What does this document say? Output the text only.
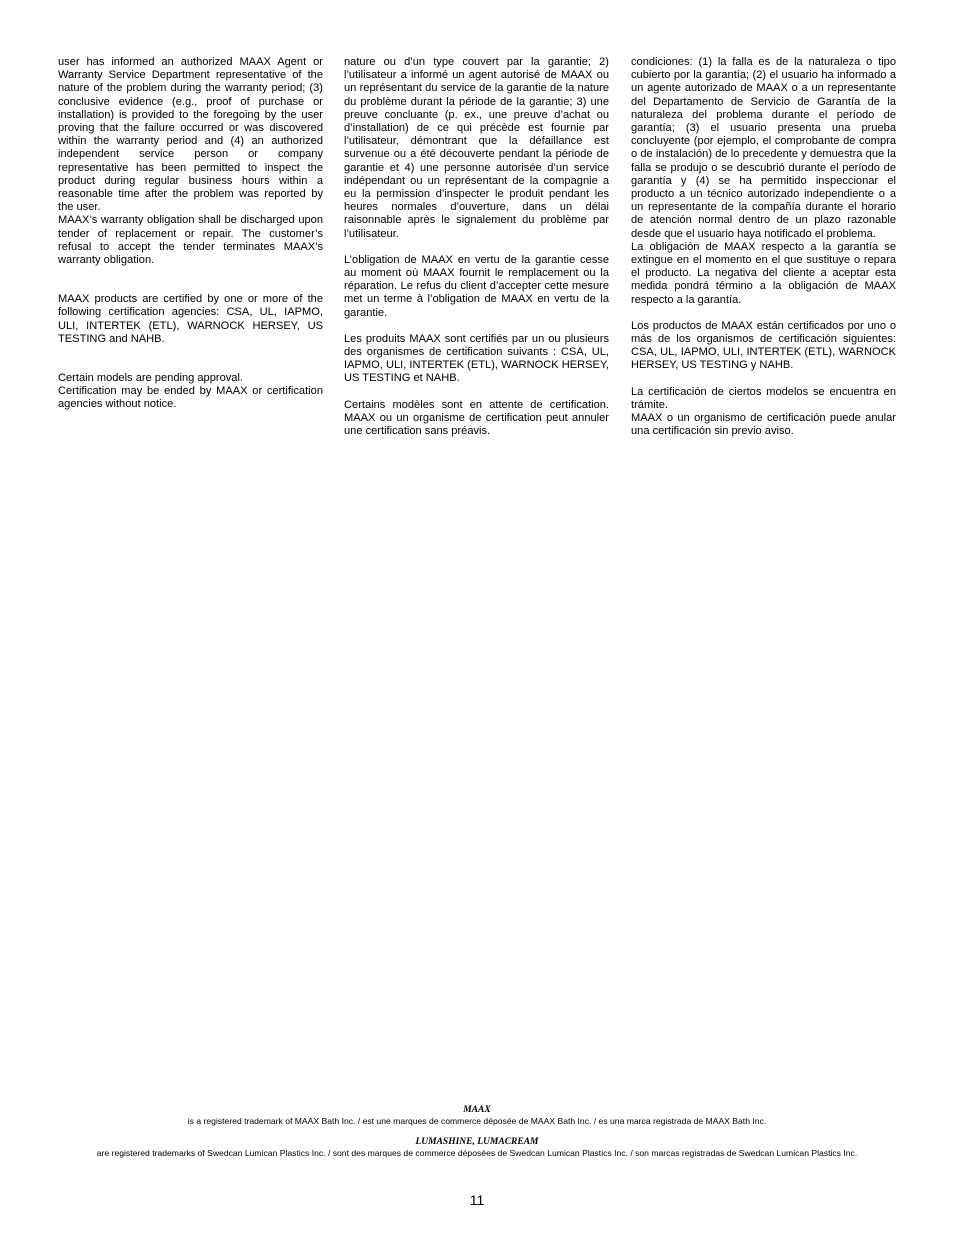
user has informed an authorized MAAX Agent or Warranty Service Department representative of the nature of the problem during the warranty period; (3) conclusive evidence (e.g., proof of purchase or installation) is provided to the foregoing by the user proving that the failure occurred or was discovered within the warranty period and (4) an authorized independent service person or company representative has been permitted to inspect the product during regular business hours within a reasonable time after the problem was reported by the user.

MAAX’s warranty obligation shall be discharged upon tender of replacement or repair. The customer’s refusal to accept the tender terminates MAAX’s warranty obligation.

MAAX products are certified by one or more of the following certification agencies: CSA, UL, IAPMO, ULI, INTERTEK (ETL), WARNOCK HERSEY, US TESTING and NAHB.

Certain models are pending approval.

Certification may be ended by MAAX or certification agencies without notice.

nature ou d’un type couvert par la garantie; 2) l’utilisateur a informé un agent autorisé de MAAX ou un représentant du service de la garantie de la nature du problème durant la période de la garantie; 3) une preuve concluante (p. ex., une preuve d’achat ou d’installation) de ce qui précède est fournie par l’utilisateur, démontrant que la défaillance est survenue ou a été découverte pendant la période de garantie et 4) une personne autorisée d’un service indépendant ou un représentant de la compagnie a eu la permission d’inspecter le produit pendant les heures normales d’ouverture, dans un délai raisonnable après le signalement du problème par l’utilisateur.

L’obligation de MAAX en vertu de la garantie cesse au moment où MAAX fournit le remplacement ou la réparation. Le refus du client d’accepter cette mesure met un terme à l’obligation de MAAX en vertu de la garantie.

Les produits MAAX sont certifiés par un ou plusieurs des organismes de certification suivants : CSA, UL, IAPMO, ULI, INTERTEK (ETL), WARNOCK HERSEY, US TESTING et NAHB.

Certains modèles sont en attente de certification. MAAX ou un organisme de certification peut annuler une certification sans préavis.

condiciones: (1) la falla es de la naturaleza o tipo cubierto por la garantía; (2) el usuario ha informado a un agente autorizado de MAAX o a un representante del Departamento de Servicio de Garantía de la naturaleza del problema durante el período de garantía; (3) el usuario presenta una prueba concluyente (por ejemplo, el comprobante de compra o de instalación) de lo precedente y demuestra que la falla se produjo o se descubrió durante el período de garantía y (4) se ha permitido inspeccionar el producto a un técnico autorizado independiente o a un representante de la compañía durante el horario de atención normal dentro de un plazo razonable desde que el usuario haya notificado el problema.

La obligación de MAAX respecto a la garantía se extingue en el momento en el que sustituye o repara el producto. La negativa del cliente a aceptar esta medida pondrá término a la obligación de MAAX respecto a la garantía.

Los productos de MAAX están certificados por uno o más de los organismos de certificación siguientes: CSA, UL, IAPMO, ULI, INTERTEK (ETL), WARNOCK HERSEY, US TESTING y NAHB.

La certificación de ciertos modelos se encuentra en trámite.

MAAX o un organismo de certificación puede anular una certificación sin previo aviso.

MAAX
is a registered trademark of MAAX Bath Inc. / est une marques de commerce déposée de MAAX Bath Inc. / es una marca registrada de MAAX Bath Inc.
LUMASHINE, LUMACREAM
are registered trademarks of Swedcan Lumican Plastics Inc. / sont des marques de commerce déposées de Swedcan Lumican Plastics Inc. / son marcas registradas de Swedcan Lumican Plastics Inc.
11
